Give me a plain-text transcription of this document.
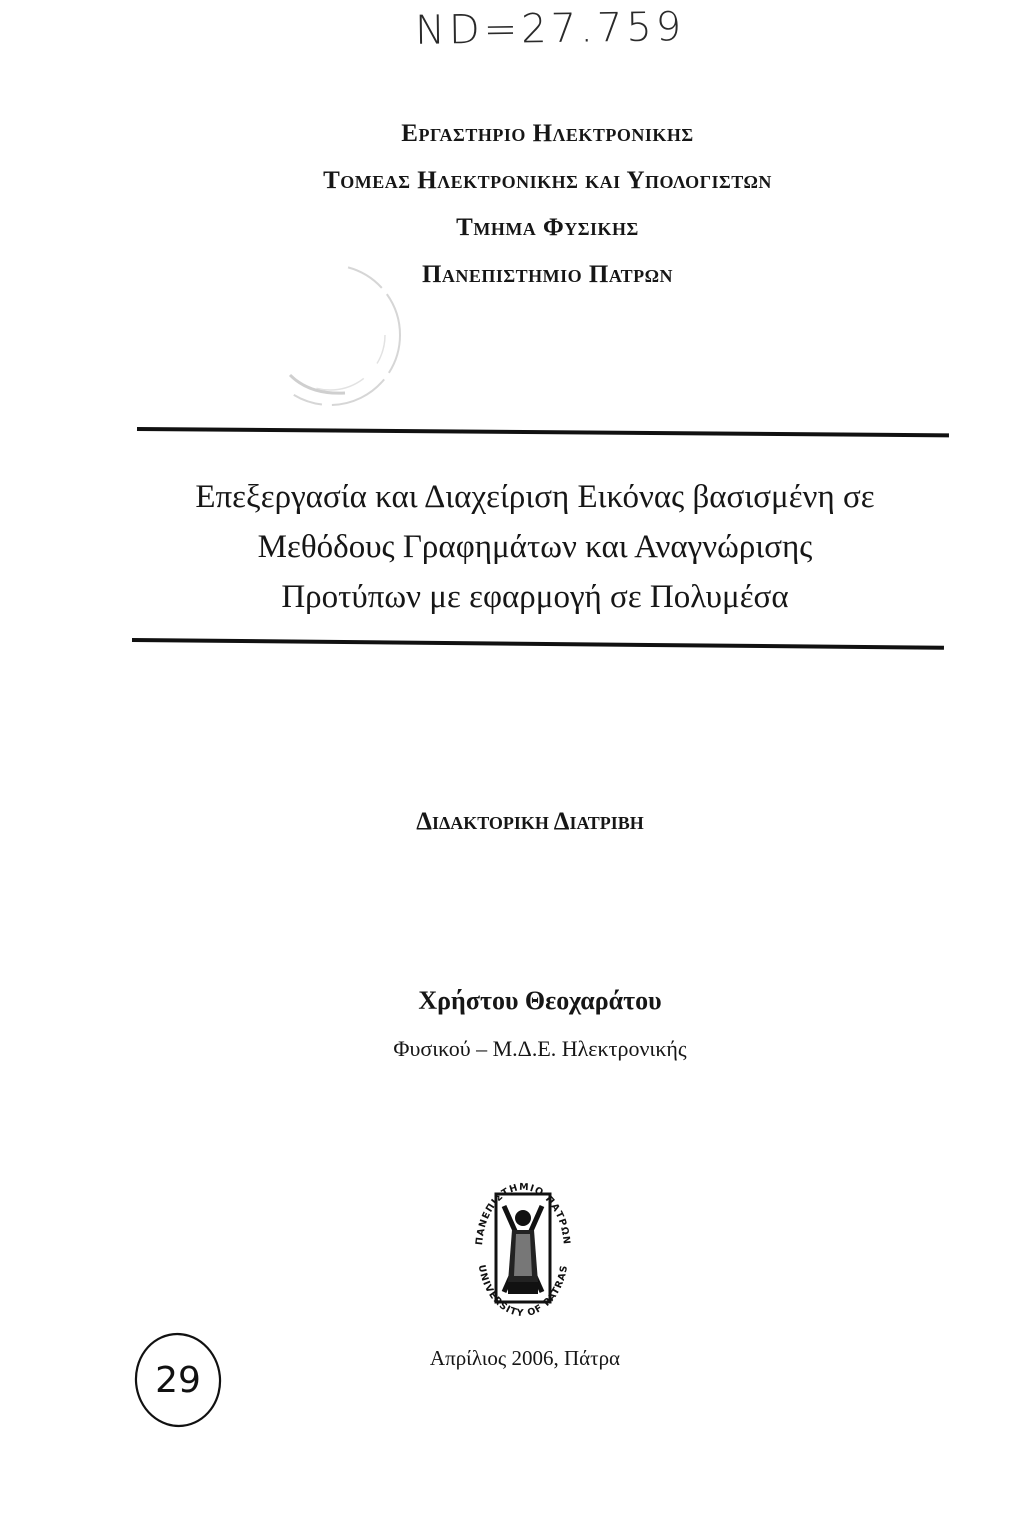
ND=27.759
Εργαστηριο Ηλεκτρονικησ
Τομεασ Ηλεκτρονικησ και Υπολογιστων
Τμημα Φυσικησ
Πανεπιστημιο Πατρων
Επεξεργασία και Διαχείριση Εικόνας βασισμένη σε
Μεθόδους Γραφημάτων και Αναγνώρισης
Προτύπων με εφαρμογή σε Πολυμέσα
Διδακτορικη Διατριβη
Χρήστου Θεοχαράτου
Φυσικού – Μ.Δ.Ε. Ηλεκτρονικής
ΠΑΝΕΠΙΣΤΗΜΙΟ ΠΑΤΡΩΝ
UNIVERSITY OF PATRAS
Απρίλιος 2006, Πάτρα
29
